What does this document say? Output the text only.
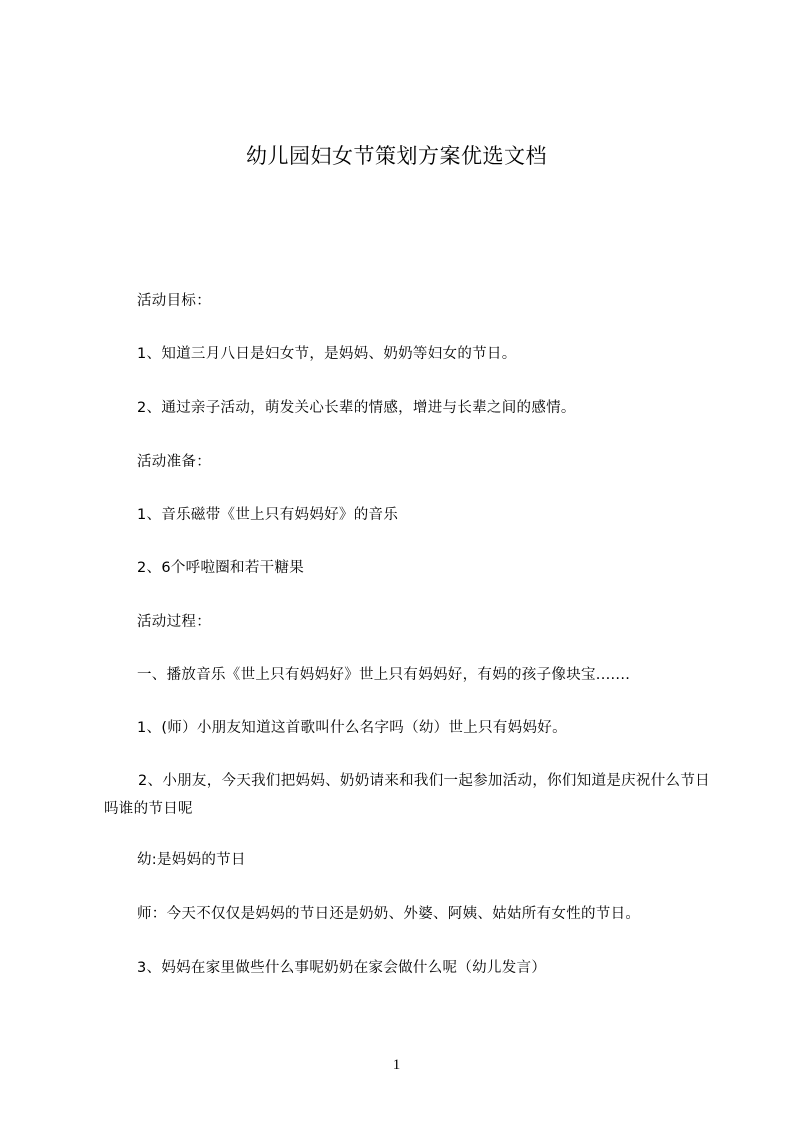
幼儿园妇女节策划方案优选文档
活动目标：
1、知道三月八日是妇女节，是妈妈、奶奶等妇女的节日。
2、通过亲子活动，萌发关心长辈的情感，增进与长辈之间的感情。
活动准备：
1、音乐磁带《世上只有妈妈好》的音乐
2、6个呼啦圈和若干糖果
活动过程：
一、播放音乐《世上只有妈妈好》世上只有妈妈好，有妈的孩子像块宝.......
1、(师）小朋友知道这首歌叫什么名字吗（幼）世上只有妈妈好。
2、小朋友，今天我们把妈妈、奶奶请来和我们一起参加活动，你们知道是庆祝什么节日吗谁的节日呢
幼:是妈妈的节日
师：今天不仅仅是妈妈的节日还是奶奶、外婆、阿姨、姑姑所有女性的节日。
3、妈妈在家里做些什么事呢奶奶在家会做什么呢（幼儿发言）
1
